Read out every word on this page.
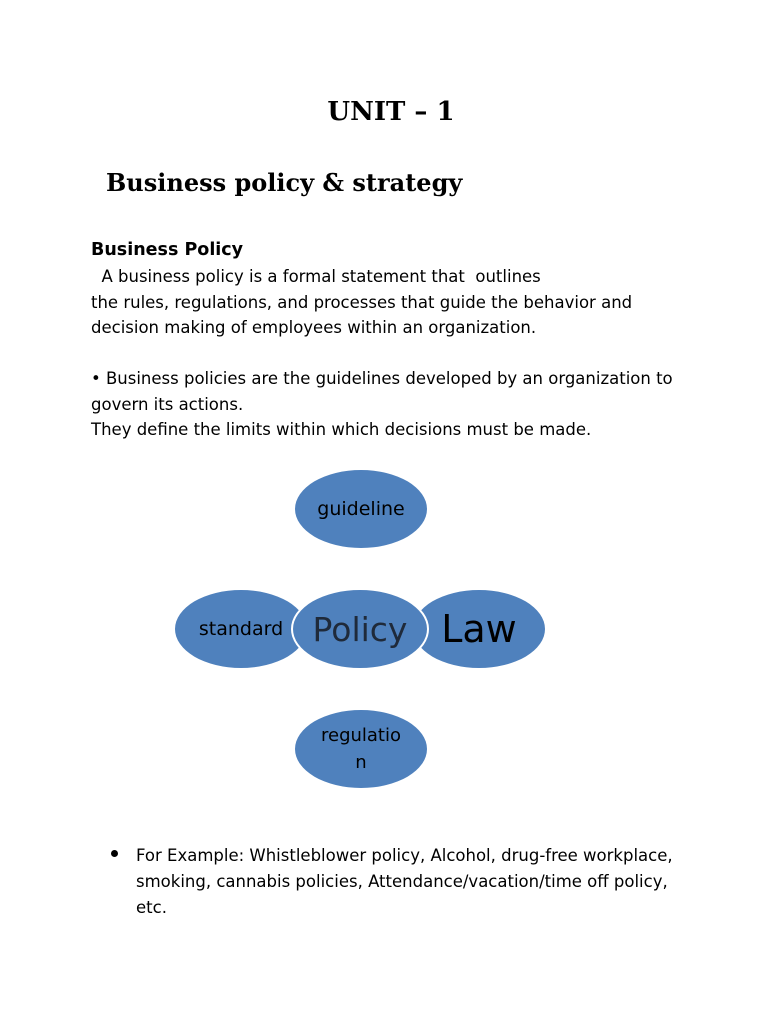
UNIT – 1
Business policy & strategy
Business Policy

A business policy is a formal statement that  outlines
the rules, regulations, and processes that guide the behavior and
decision making of employees within an organization.

• Business policies are the guidelines developed by an organization to
govern its actions.
They define the limits within which decisions must be made.

guideline
standard	Law
Policy
regulatio
n
For Example: Whistleblower policy, Alcohol, drug-free workplace,
smoking, cannabis policies, Attendance/vacation/time off policy,
etc.
